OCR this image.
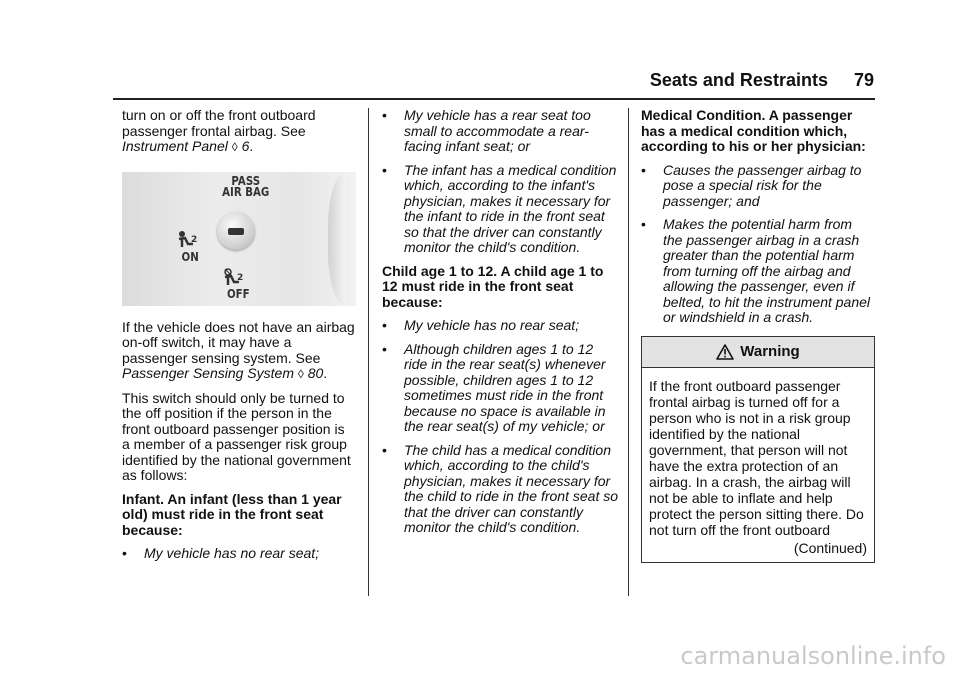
Seats and Restraints 79

turn on or off the front outboard passenger frontal airbag. See
Instrument Panel ◊ 6.

PASS
AIR BAG
2
ON
2
OFF

If the vehicle does not have an airbag on-off switch, it may have a passenger sensing system. See
Passenger Sensing System ◊ 80.

This switch should only be turned to the off position if the person in the front outboard passenger position is a member of a passenger risk group identified by the national government as follows:

Infant. An infant (less than 1 year old) must ride in the front seat because:

•	My vehicle has no rear seat;
•	My vehicle has a rear seat too small to accommodate a rear-facing infant seat; or
•	The infant has a medical condition which, according to the infant's physician, makes it necessary for the infant to ride in the front seat so that the driver can constantly monitor the child's condition.

Child age 1 to 12. A child age 1 to 12 must ride in the front seat because:

•	My vehicle has no rear seat;
•	Although children ages 1 to 12 ride in the rear seat(s) whenever possible, children ages 1 to 12 sometimes must ride in the front because no space is available in the rear seat(s) of my vehicle; or
•	The child has a medical condition which, according to the child's physician, makes it necessary for the child to ride in the front seat so that the driver can constantly monitor the child's condition.

Medical Condition. A passenger has a medical condition which, according to his or her physician:

•	Causes the passenger airbag to pose a special risk for the passenger; and
•	Makes the potential harm from the passenger airbag in a crash greater than the potential harm from turning off the airbag and allowing the passenger, even if belted, to hit the instrument panel or windshield in a crash.
Warning
If the front outboard passenger frontal airbag is turned off for a person who is not in a risk group identified by the national government, that person will not have the extra protection of an airbag. In a crash, the airbag will not be able to inflate and help protect the person sitting there. Do not turn off the front outboard
(Continued)
carmanualsonline.info
